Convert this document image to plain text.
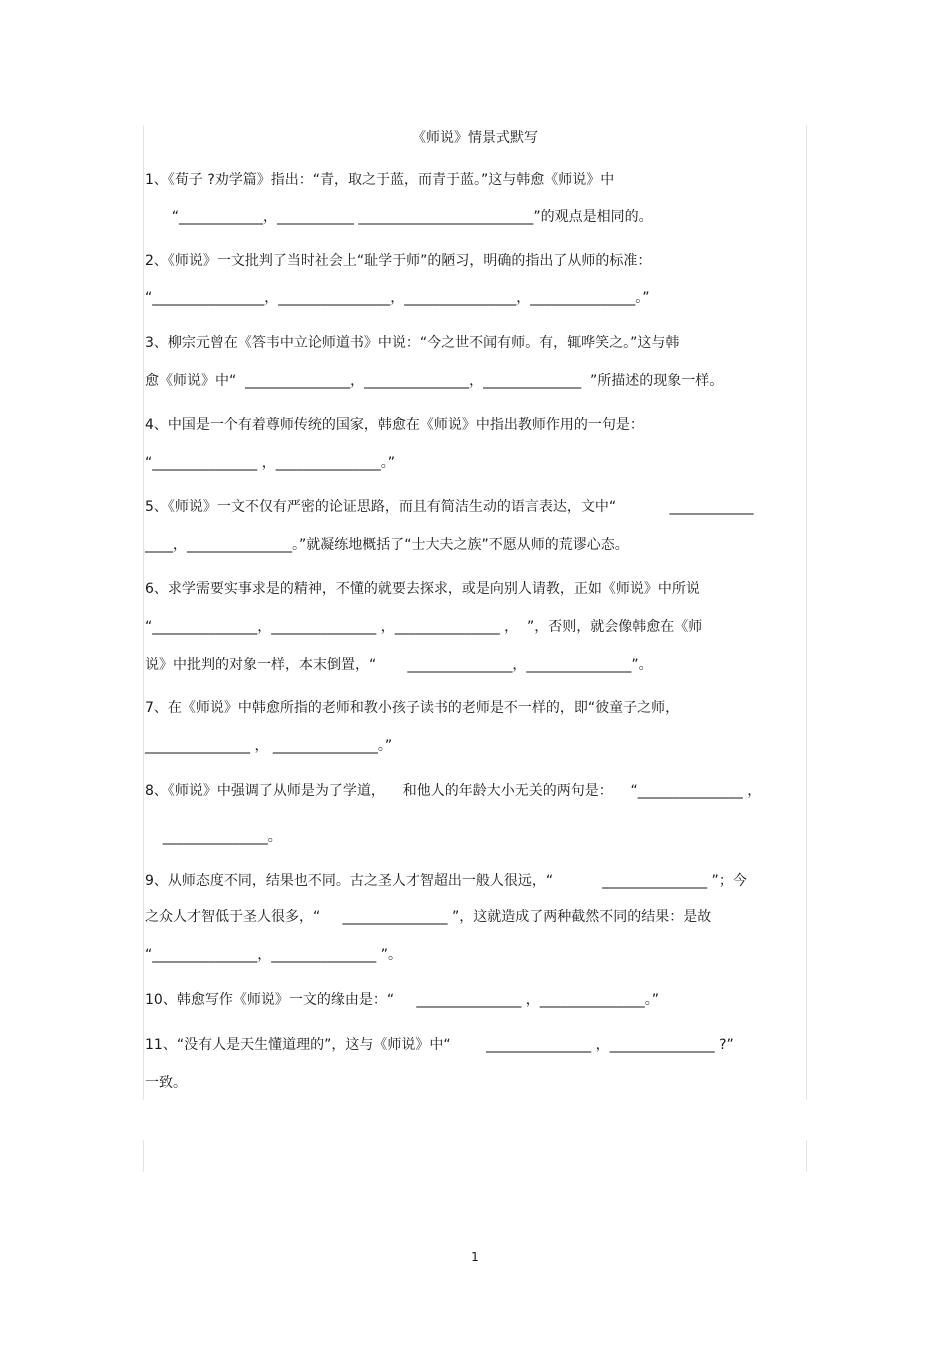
《师说》情景式默写
1、《荀子 ?劝学篇》指出：“青，取之于蓝，而青于蓝。”这与韩愈《师说》中
“____________，___________ _________________________”的观点是相同的。
2、《师说》一文批判了当时社会上“耻学于师”的陋习，明确的指出了从师的标准：
“________________，________________，________________，_______________。”
3、柳宗元曾在《答韦中立论师道书》中说：“今之世不闻有师。有，辄哗笑之。”这与韩
愈《师说》中“  _______________，_______________，______________  ”所描述的现象一样。
4、中国是一个有着尊师传统的国家，韩愈在《师说》中指出教师作用的一句是：
“_______________ ，_______________。”
5、《师说》一文不仅有严密的论证思路，而且有简洁生动的语言表达，文中“            ____________
____，_______________。”就凝练地概括了“士大夫之族”不愿从师的荒谬心态。
6、求学需要实事求是的精神，不懂的就要去探求，或是向别人请教，正如《师说》中所说
“_______________，_______________ ，_______________ ，  ”，否则，就会像韩愈在《师
说》中批判的对象一样，本末倒置，“       _______________，_______________”。
7、在《师说》中韩愈所指的老师和教小孩子读书的老师是不一样的，即“彼童子之师，
_______________ ， _______________。”
8、《师说》中强调了从师是为了学道，    和他人的年龄大小无关的两句是：    “_______________ ，
_______________。
9、从师态度不同，结果也不同。古之圣人才智超出一般人很远，“           _______________ ”；今
之众人才智低于圣人很多，“     _______________ ”，这就造成了两种截然不同的结果：是故
“_______________，_______________ ”。
10、韩愈写作《师说》一文的缘由是：“     _______________ ，_______________。”
11、“没有人是天生懂道理的”，这与《师说》中“        _______________ ，_______________ ?”
一致。
1
